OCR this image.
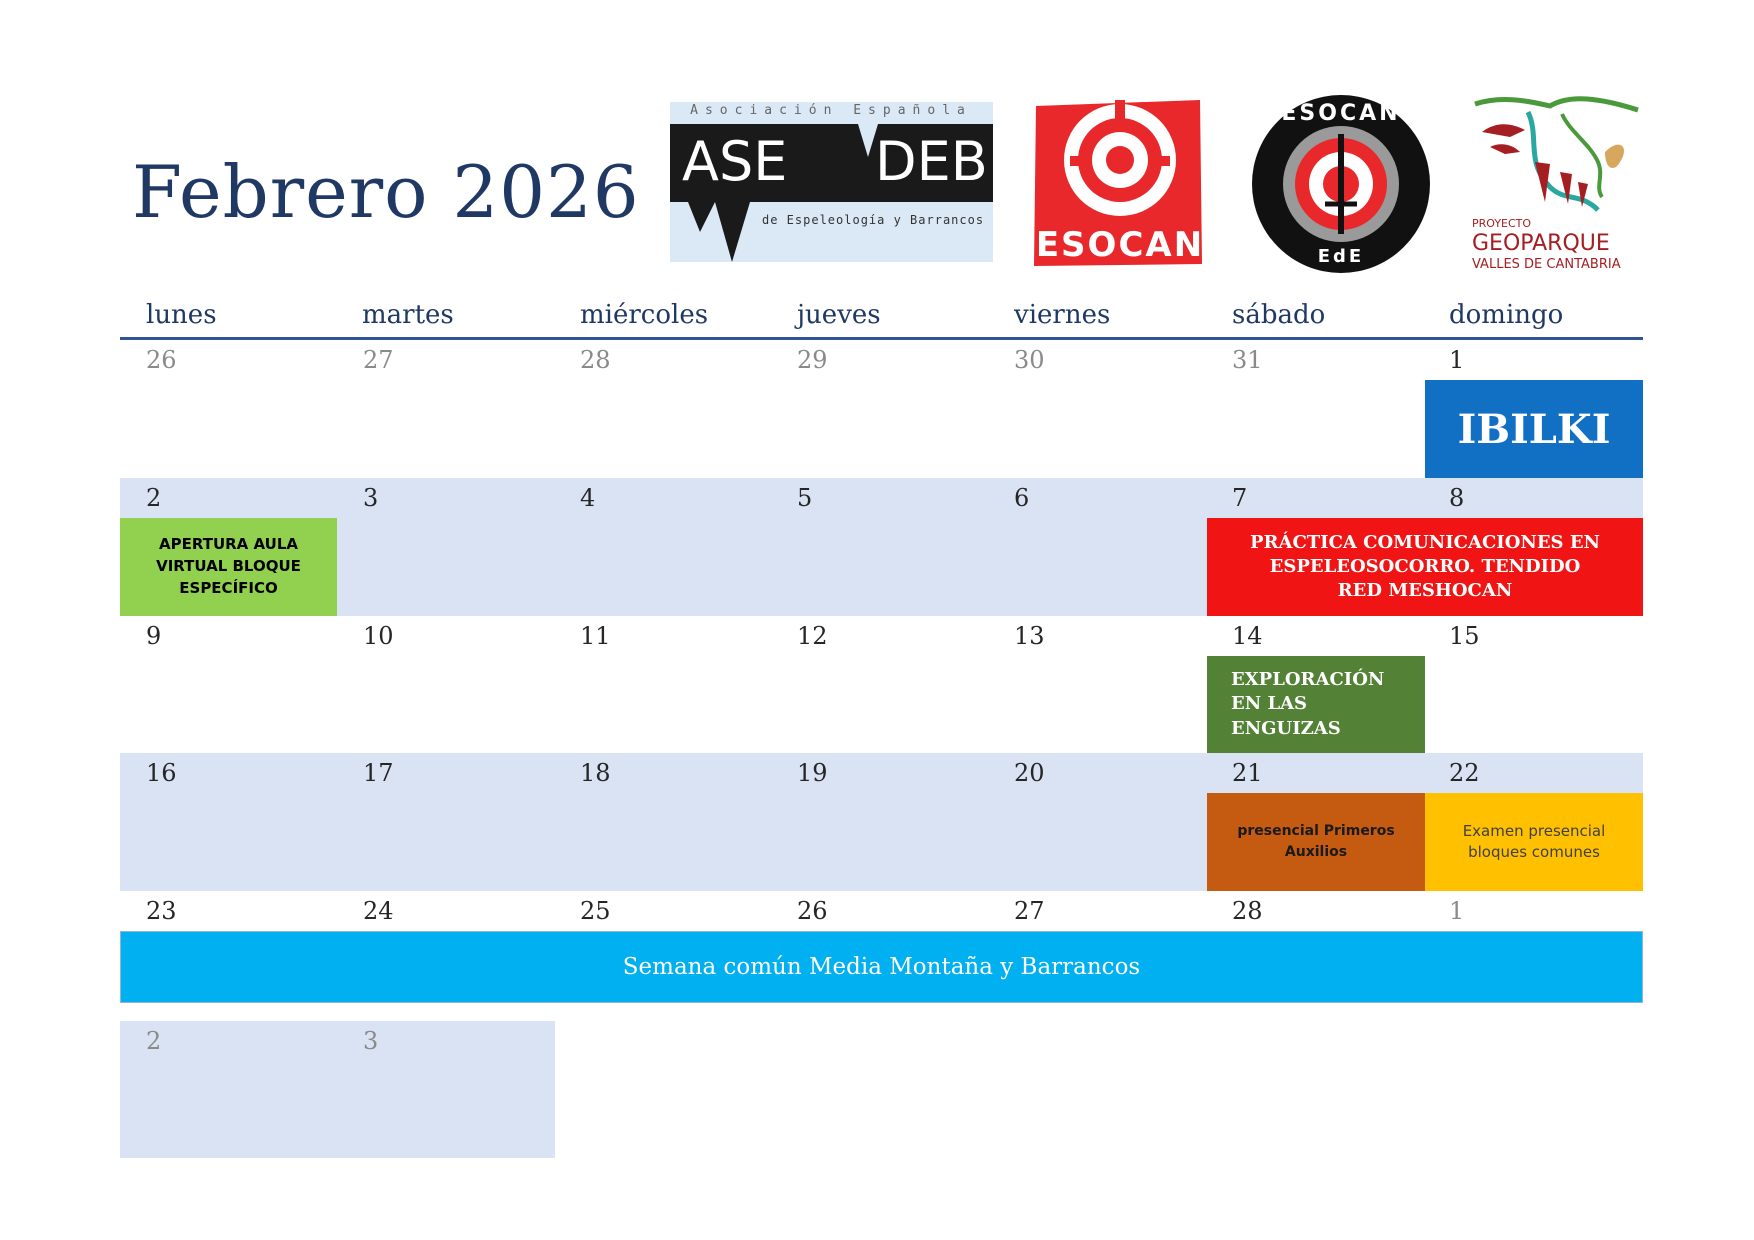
Febrero 2026
Asociación Española
ASE DEB
de Espeleología y Barrancos
ESOCAN
ESOCAN
EdE
PROYECTO
GEOPARQUE
VALLES DE CANTABRIA
lunes	martes	miércoles	jueves	viernes	sábado	domingo
26	27	28	29	30	31	1
2	3	4	5	6	7	8
9	10	11	12	13	14	15
16	17	18	19	20	21	22
23	24	25	26	27	28	1
2	3
IBILKI
APERTURA AULA VIRTUAL BLOQUE ESPECÍFICO
PRÁCTICA COMUNICACIONES EN ESPELEOSOCORRO. TENDIDO RED MESHOCAN
EXPLORACIÓN EN LAS ENGUIZAS
presencial Primeros Auxilios
Examen presencial bloques comunes
Semana común Media Montaña y Barrancos
